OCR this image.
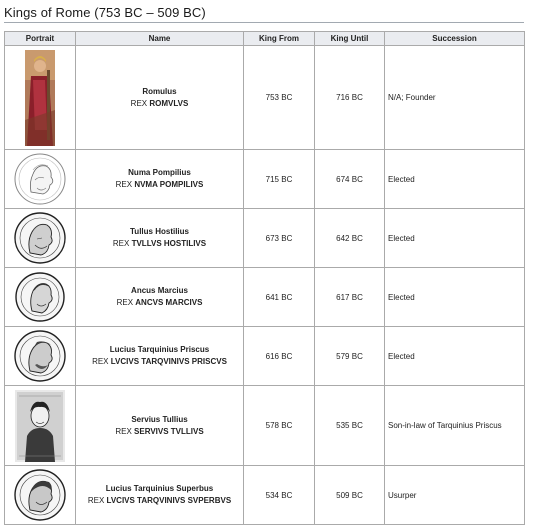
Kings of Rome (753 BC – 509 BC)
Portrait	Name	King From	King Until	Succession

Romulus
REX ROMVLVS	753 BC	716 BC	N/A; Founder

Numa Pompilius
REX NVMA POMPILIVS	715 BC	674 BC	Elected

Tullus Hostilius
REX TVLLVS HOSTILIVS	673 BC	642 BC	Elected

Ancus Marcius
REX ANCVS MARCIVS	641 BC	617 BC	Elected

Lucius Tarquinius Priscus
REX LVCIVS TARQVINIVS PRISCVS	616 BC	579 BC	Elected

Servius Tullius
REX SERVIVS TVLLIVS	578 BC	535 BC	Son-in-law of Tarquinius Priscus

Lucius Tarquinius Superbus
REX LVCIVS TARQVINIVS SVPERBVS	534 BC	509 BC	Usurper
